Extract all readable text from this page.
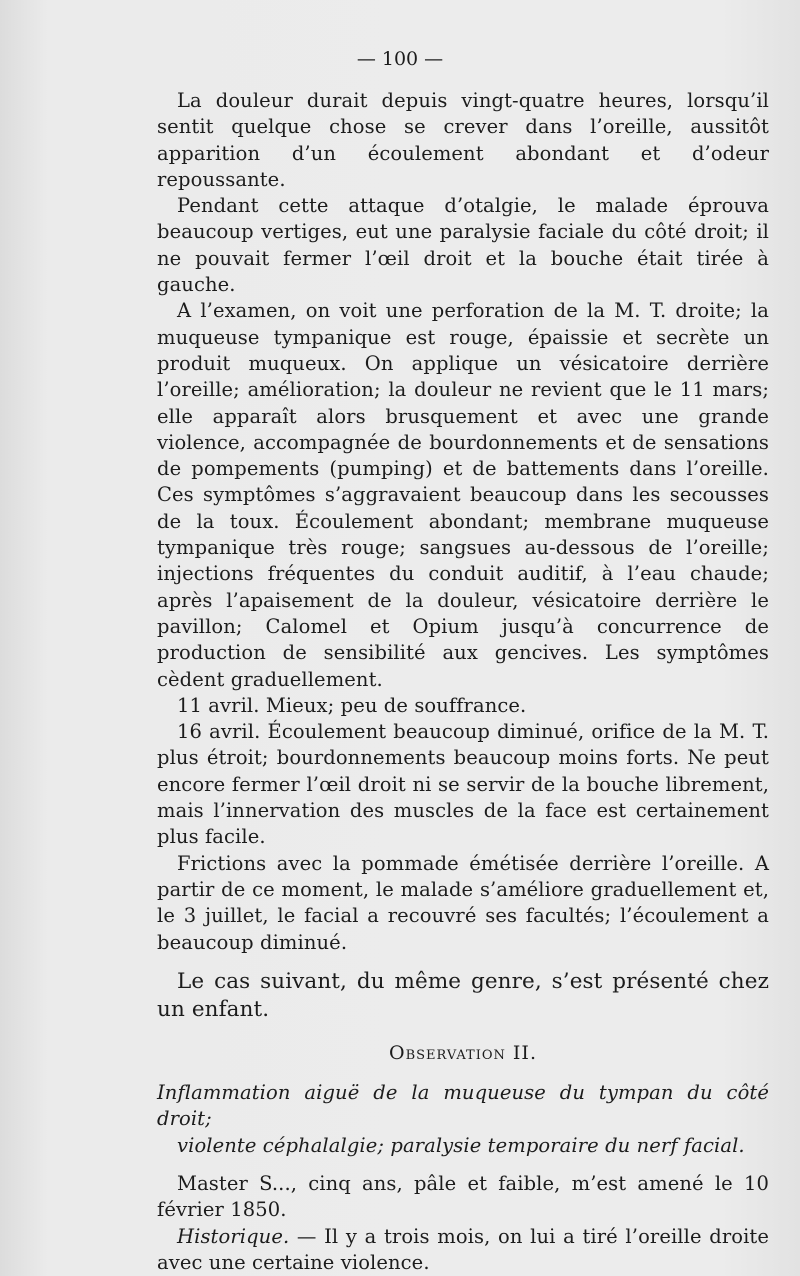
— 100 —

La douleur durait depuis vingt-quatre heures, lorsqu’il sentit quelque chose se crever dans l’oreille, aussitôt apparition d’un écoulement abondant et d’odeur repoussante.

Pendant cette attaque d’otalgie, le malade éprouva beaucoup vertiges, eut une paralysie faciale du côté droit; il ne pouvait fermer l’œil droit et la bouche était tirée à gauche.

A l’examen, on voit une perforation de la M. T. droite; la muqueuse tympanique est rouge, épaissie et secrète un produit muqueux. On applique un vésicatoire derrière l’oreille; amélioration; la douleur ne revient que le 11 mars; elle apparaît alors brusquement et avec une grande violence, accompagnée de bourdonnements et de sensations de pompements (pumping) et de battements dans l’oreille. Ces symptômes s’aggravaient beaucoup dans les secousses de la toux. Écoulement abondant; membrane muqueuse tympanique très rouge; sangsues au-dessous de l’oreille; injections fréquentes du conduit auditif, à l’eau chaude; après l’apaisement de la douleur, vésicatoire derrière le pavillon; Calomel et Opium jusqu’à concurrence de production de sensibilité aux gencives. Les symptômes cèdent graduellement.

11 avril. Mieux; peu de souffrance.

16 avril. Écoulement beaucoup diminué, orifice de la M. T. plus étroit; bourdonnements beaucoup moins forts. Ne peut encore fermer l’œil droit ni se servir de la bouche librement, mais l’innervation des muscles de la face est certainement plus facile.

Frictions avec la pommade émétisée derrière l’oreille. A partir de ce moment, le malade s’améliore graduellement et, le 3 juillet, le facial a recouvré ses facultés; l’écoulement a beaucoup diminué.

Le cas suivant, du même genre, s’est présenté chez un enfant.

Observation II.

Inflammation aiguë de la muqueuse du tympan du côté droit;
violente céphalalgie; paralysie temporaire du nerf facial.

Master S..., cinq ans, pâle et faible, m’est amené le 10 février 1850.

Historique. — Il y a trois mois, on lui a tiré l’oreille droite avec une certaine violence.
